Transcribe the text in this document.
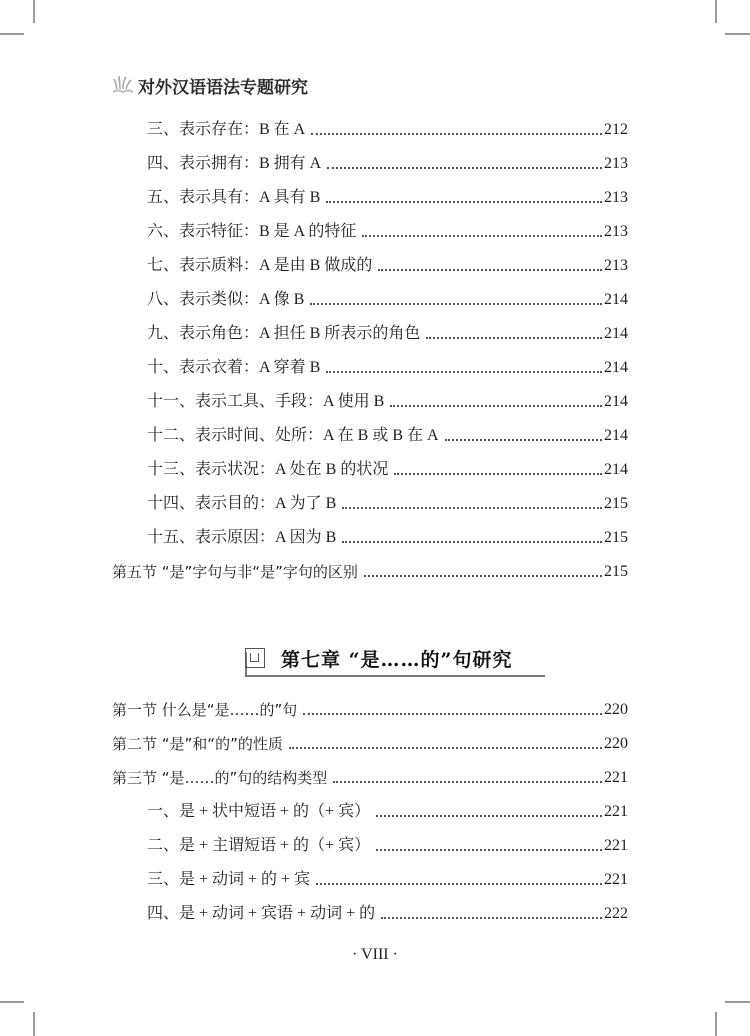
对外汉语语法专题研究
三、表示存在：B 在 A	212
四、表示拥有：B 拥有 A	213
五、表示具有：A 具有 B	213
六、表示特征：B 是 A 的特征	213
七、表示质料：A 是由 B 做成的	213
八、表示类似：A 像 B	214
九、表示角色：A 担任 B 所表示的角色	214
十、表示衣着：A 穿着 B	214
十一、表示工具、手段：A 使用 B	214
十二、表示时间、处所：A 在 B 或 B 在 A	214
十三、表示状况：A 处在 B 的状况	214
十四、表示目的：A 为了 B	215
十五、表示原因：A 因为 B	215
第五节 “是”字句与非“是”字句的区别	215
第七章 “是……的”句研究
第一节 什么是“是……的”句	220
第二节 “是”和“的”的性质	220
第三节 “是……的”句的结构类型	221
一、是 + 状中短语 + 的（+ 宾）	221
二、是 + 主谓短语 + 的（+ 宾）	221
三、是 + 动词 + 的 + 宾	221
四、是 + 动词 + 宾语 + 动词 + 的	222
· VIII ·
